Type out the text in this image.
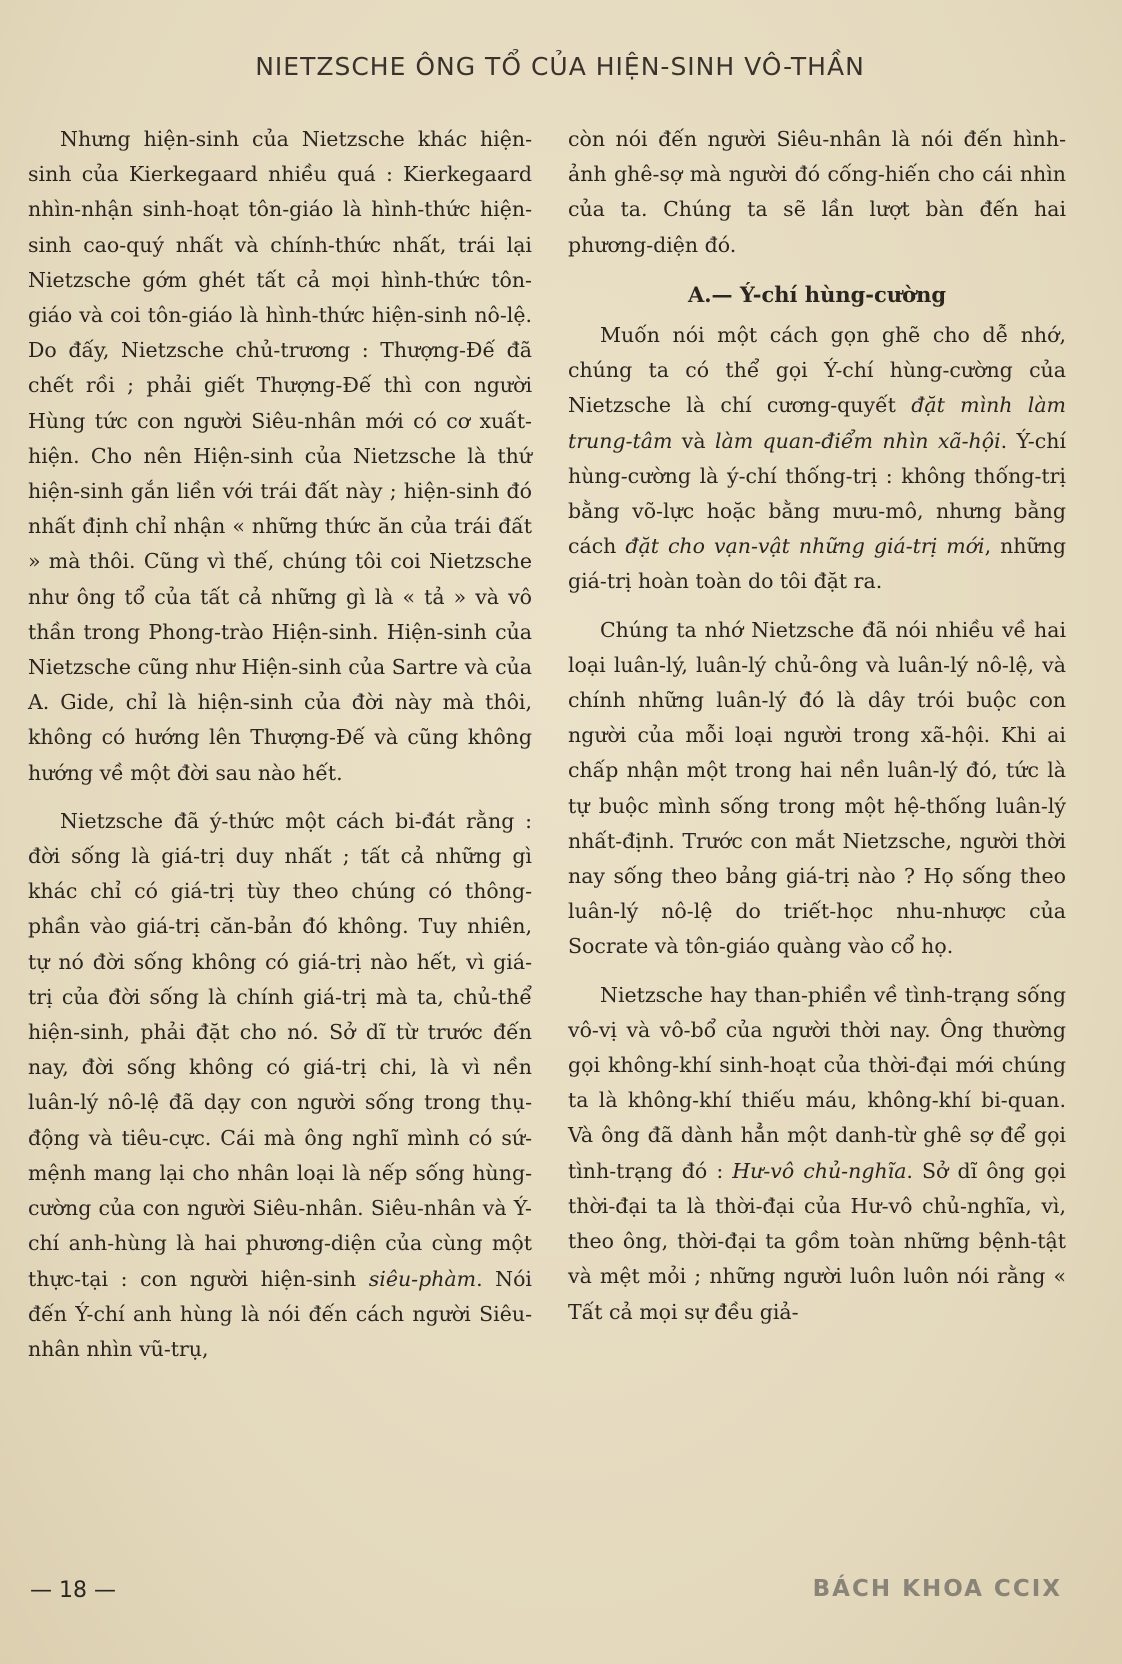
NIETZSCHE ÔNG TỔ CỦA HIỆN-SINH VÔ-THẦN

Nhưng hiện-sinh của Nietzsche khác hiện-sinh của Kierkegaard nhiều quá : Kierkegaard nhìn-nhận sinh-hoạt tôn-giáo là hình-thức hiện-sinh cao-quý nhất và chính-thức nhất, trái lại Nietzsche gớm ghét tất cả mọi hình-thức tôn-giáo và coi tôn-giáo là hình-thức hiện-sinh nô-lệ. Do đấy, Nietzsche chủ-trương : Thượng-Đế đã chết rồi ; phải giết Thượng-Đế thì con người Hùng tức con người Siêu-nhân mới có cơ xuất-hiện. Cho nên Hiện-sinh của Nietzsche là thứ hiện-sinh gắn liền với trái đất này ; hiện-sinh đó nhất định chỉ nhận « những thức ăn của trái đất » mà thôi. Cũng vì thế, chúng tôi coi Nietzsche như ông tổ của tất cả những gì là « tả » và vô thần trong Phong-trào Hiện-sinh. Hiện-sinh của Nietzsche cũng như Hiện-sinh của Sartre và của A. Gide, chỉ là hiện-sinh của đời này mà thôi, không có hướng lên Thượng-Đế và cũng không hướng về một đời sau nào hết.

Nietzsche đã ý-thức một cách bi-đát rằng : đời sống là giá-trị duy nhất ; tất cả những gì khác chỉ có giá-trị tùy theo chúng có thông-phần vào giá-trị căn-bản đó không. Tuy nhiên, tự nó đời sống không có giá-trị nào hết, vì giá-trị của đời sống là chính giá-trị mà ta, chủ-thể hiện-sinh, phải đặt cho nó. Sở dĩ từ trước đến nay, đời sống không có giá-trị chi, là vì nền luân-lý nô-lệ đã dạy con người sống trong thụ-động và tiêu-cực. Cái mà ông nghĩ mình có sứ-mệnh mang lại cho nhân loại là nếp sống hùng-cường của con người Siêu-nhân. Siêu-nhân và Ý-chí anh-hùng là hai phương-diện của cùng một thực-tại : con người hiện-sinh siêu-phàm. Nói đến Ý-chí anh hùng là nói đến cách người Siêu-nhân nhìn vũ-trụ,

còn nói đến người Siêu-nhân là nói đến hình-ảnh ghê-sợ mà người đó cống-hiến cho cái nhìn của ta. Chúng ta sẽ lần lượt bàn đến hai phương-diện đó.

A.— Ý-chí hùng-cường

Muốn nói một cách gọn ghẽ cho dễ nhớ, chúng ta có thể gọi Ý-chí hùng-cường của Nietzsche là chí cương-quyết đặt mình làm trung-tâm và làm quan-điểm nhìn xã-hội. Ý-chí hùng-cường là ý-chí thống-trị : không thống-trị bằng võ-lực hoặc bằng mưu-mô, nhưng bằng cách đặt cho vạn-vật những giá-trị mới, những giá-trị hoàn toàn do tôi đặt ra.

Chúng ta nhớ Nietzsche đã nói nhiều về hai loại luân-lý, luân-lý chủ-ông và luân-lý nô-lệ, và chính những luân-lý đó là dây trói buộc con người của mỗi loại người trong xã-hội. Khi ai chấp nhận một trong hai nền luân-lý đó, tức là tự buộc mình sống trong một hệ-thống luân-lý nhất-định. Trước con mắt Nietzsche, người thời nay sống theo bảng giá-trị nào ? Họ sống theo luân-lý nô-lệ do triết-học nhu-nhược của Socrate và tôn-giáo quàng vào cổ họ.

Nietzsche hay than-phiền về tình-trạng sống vô-vị và vô-bổ của người thời nay. Ông thường gọi không-khí sinh-hoạt của thời-đại mới chúng ta là không-khí thiếu máu, không-khí bi-quan. Và ông đã dành hẳn một danh-từ ghê sợ để gọi tình-trạng đó : Hư-vô chủ-nghĩa. Sở dĩ ông gọi thời-đại ta là thời-đại của Hư-vô chủ-nghĩa, vì, theo ông, thời-đại ta gồm toàn những bệnh-tật và mệt mỏi ; những người luôn luôn nói rằng « Tất cả mọi sự đều giả-

— 18 —	BÁCH KHOA CCIX
